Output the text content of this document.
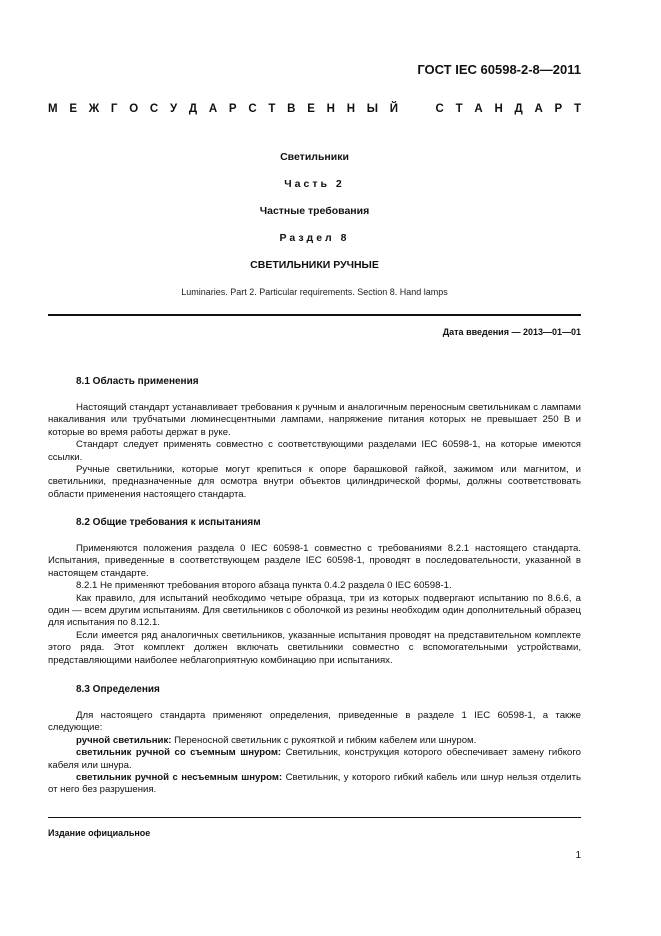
ГОСТ IEC 60598-2-8—2011
М Е Ж Г О С У Д А Р С Т В Е Н Н Ы Й
	С Т А Н Д А Р Т
Светильники
Часть 2
Частные требования
Раздел 8
СВЕТИЛЬНИКИ РУЧНЫЕ
Luminaries. Part 2. Particular requirements. Section 8. Hand lamps
Дата введения — 2013—01—01
8.1 Область применения

Настоящий стандарт устанавливает требования к ручным и аналогичным переносным светильникам с лампами накаливания или трубчатыми люминесцентными лампами, напряжение питания которых не превышает 250 В и которые во время работы держат в руке.

Стандарт следует применять совместно с соответствующими разделами IEC 60598-1, на которые имеются ссылки.

Ручные светильники, которые могут крепиться к опоре барашковой гайкой, зажимом или магнитом, и светильники, предназначенные для осмотра внутри объектов цилиндрической формы, должны соответствовать области применения настоящего стандарта.

8.2 Общие требования к испытаниям

Применяются положения раздела 0 IEC 60598-1 совместно с требованиями 8.2.1 настоящего стандарта. Испытания, приведенные в соответствующем разделе IEC 60598-1, проводят в последовательности, указанной в настоящем стандарте.

8.2.1 Не применяют требования второго абзаца пункта 0.4.2 раздела 0 IEC 60598-1.

Как правило, для испытаний необходимо четыре образца, три из которых подвергают испытанию по 8.6.6, а один — всем другим испытаниям. Для светильников с оболочкой из резины необходим один дополнительный образец для испытания по 8.12.1.

Если имеется ряд аналогичных светильников, указанные испытания проводят на представительном комплекте этого ряда. Этот комплект должен включать светильники совместно с вспомогательными устройствами, представляющими наиболее неблагоприятную комбинацию при испытаниях.

8.3 Определения

Для настоящего стандарта применяют определения, приведенные в разделе 1 IEC 60598-1, а также следующие:

ручной светильник: Переносной светильник с рукояткой и гибким кабелем или шнуром.

светильник ручной со съемным шнуром: Светильник, конструкция которого обеспечивает замену гибкого кабеля или шнура.

светильник ручной с несъемным шнуром: Светильник, у которого гибкий кабель или шнур нельзя отделить от него без разрушения.

Издание официальное
1
